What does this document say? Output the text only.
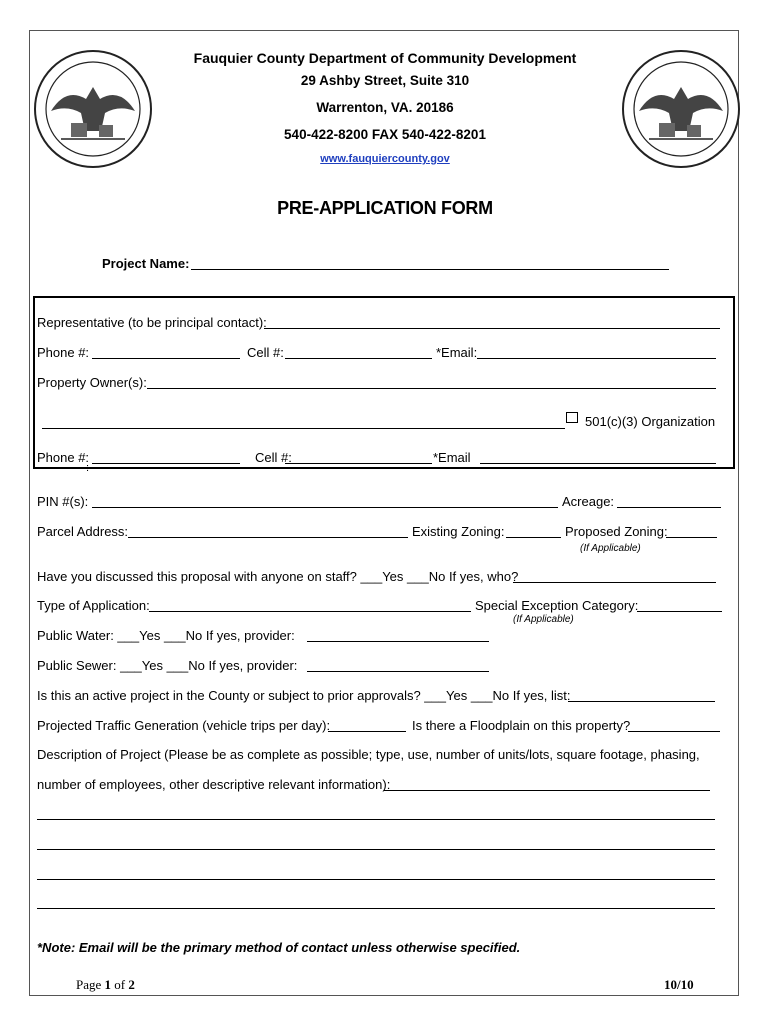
Fauquier County Department of Community Development
29 Ashby Street, Suite 310
Warrenton, VA. 20186
540-422-8200 FAX 540-422-8201
www.fauquiercounty.gov
PRE-APPLICATION FORM
Project Name:
Representative (to be principal contact):
Phone #:	Cell #:	*Email:
Property Owner(s):
501(c)(3) Organization
Phone #:	Cell #:	*Email
:
PIN #(s):	Acreage:
Parcel Address:	Existing Zoning:	Proposed Zoning:
(If Applicable)
Have you discussed this proposal with anyone on staff? ___Yes ___No If yes, who?
Type of Application:	Special Exception Category:
(If Applicable)
Public Water: ___Yes ___No If yes, provider:
Public Sewer: ___Yes ___No If yes, provider:
Is this an active project in the County or subject to prior approvals? ___Yes ___No If yes, list:
Projected Traffic Generation (vehicle trips per day):	Is there a Floodplain on this property?
Description of Project (Please be as complete as possible; type, use, number of units/lots, square footage, phasing,
number of employees, other descriptive relevant information):
*Note: Email will be the primary method of contact unless otherwise specified.
Page 1 of 2	10/10
